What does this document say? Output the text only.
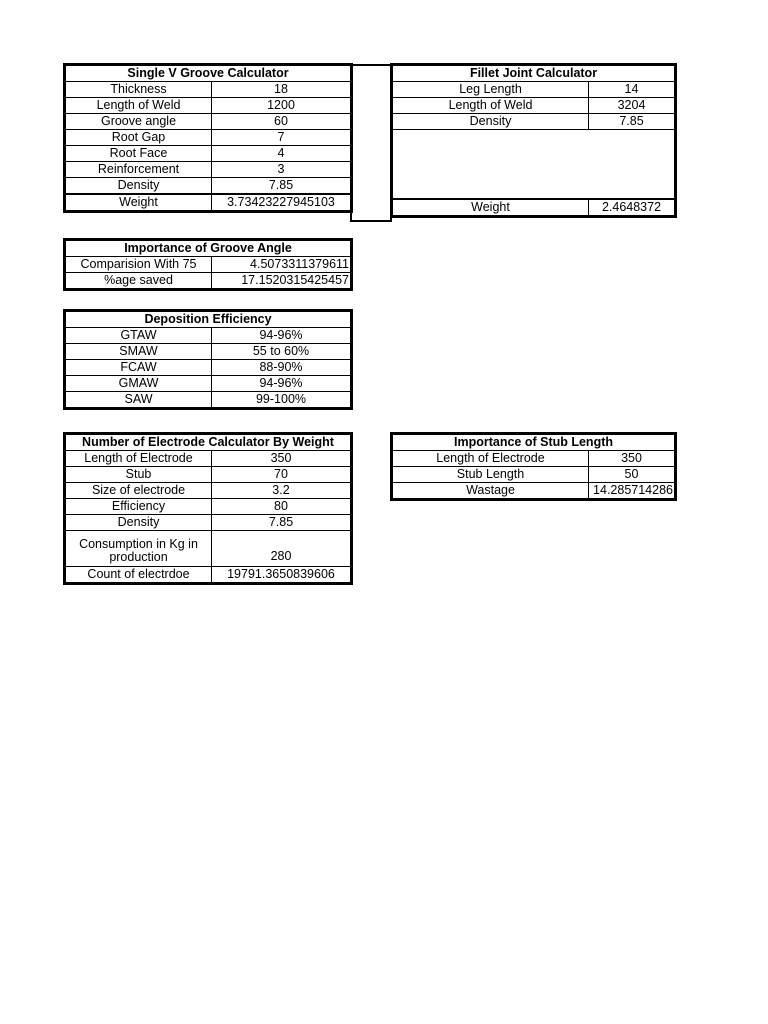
Single V Groove Calculator	
Thickness	18
Length of Weld	1200
Groove angle	60
Root Gap	7
Root Face	4
Reinforcement	3
Density	7.85
Weight	3.73423227945103
Fillet Joint Calculator	
Leg Length	14
Length of Weld	3204
Density	7.85

Weight	2.4648372
Importance of Groove Angle	
Comparision With 75	4.5073311379611
%age saved	17.1520315425457
Deposition Efficiency	
GTAW	94-96%
SMAW	55 to 60%
FCAW	88-90%
GMAW	94-96%
SAW	99-100%
Number of Electrode Calculator By Weight	
Length of Electrode	350
Stub	70
Size of electrode	3.2
Efficiency	80
Density	7.85

Consumption in Kg in
production	280
Count of electrdoe	19791.3650839606
Importance of Stub Length	
Length of Electrode	350
Stub Length	50
Wastage	14.285714286
